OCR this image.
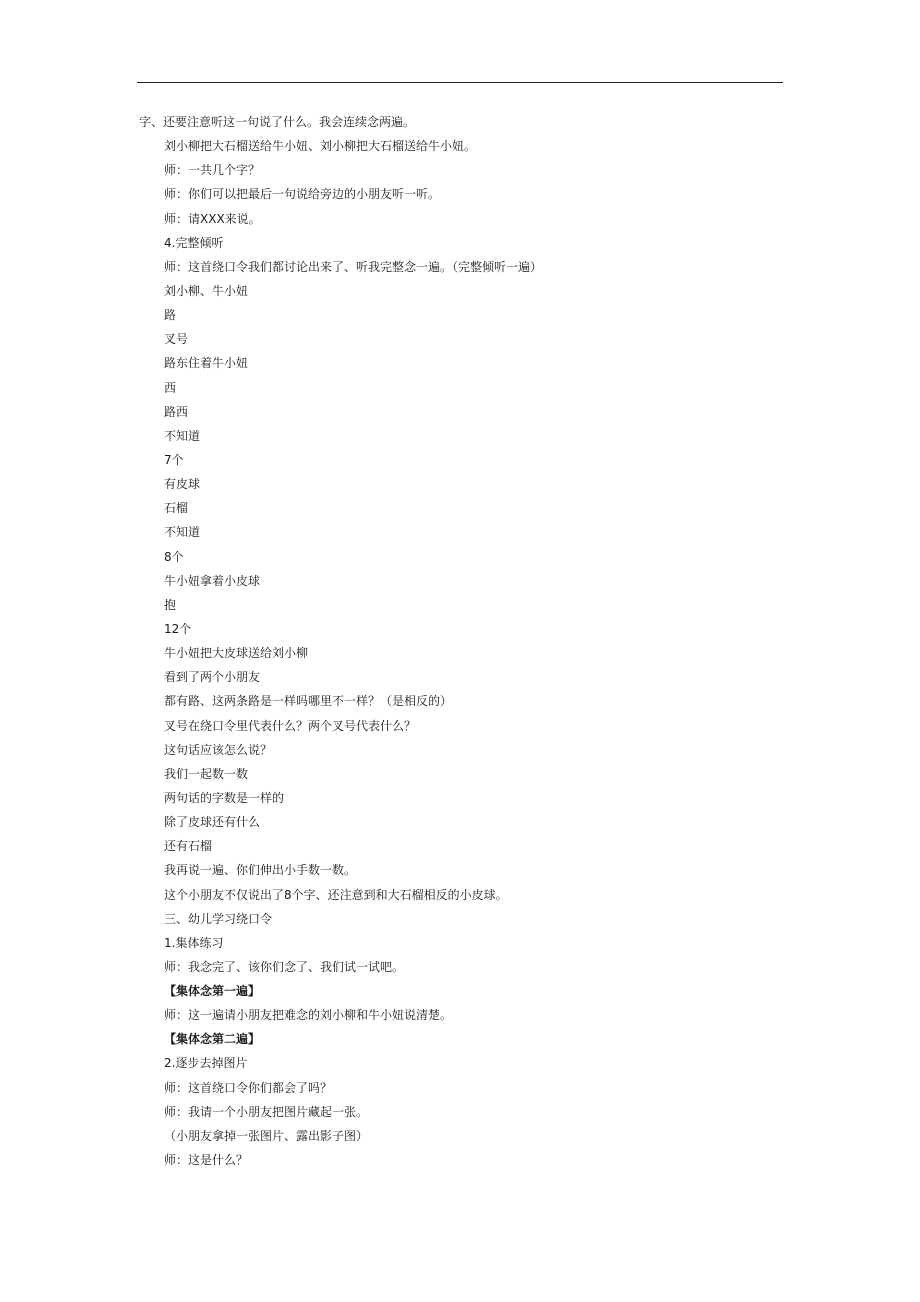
字、还要注意听这一句说了什么。我会连续念两遍。
刘小柳把大石榴送给牛小妞、刘小柳把大石榴送给牛小妞。
师：一共几个字？
师：你们可以把最后一句说给旁边的小朋友听一听。
师：请XXX来说。
4.完整倾听
师：这首绕口令我们都讨论出来了、听我完整念一遍。（完整倾听一遍）
刘小柳、牛小妞
路
叉号
路东住着牛小妞
西
路西
不知道
7个
有皮球
石榴
不知道
8个
牛小妞拿着小皮球
抱
12个
牛小妞把大皮球送给刘小柳
看到了两个小朋友
都有路、这两条路是一样吗哪里不一样？（是相反的）
叉号在绕口令里代表什么？两个叉号代表什么？
这句话应该怎么说？
我们一起数一数
两句话的字数是一样的
除了皮球还有什么
还有石榴
我再说一遍、你们伸出小手数一数。
这个小朋友不仅说出了8个字、还注意到和大石榴相反的小皮球。
三、幼儿学习绕口令
1.集体练习
师：我念完了、该你们念了、我们试一试吧。
【集体念第一遍】
师：这一遍请小朋友把难念的刘小柳和牛小妞说清楚。
【集体念第二遍】
2.逐步去掉图片
师：这首绕口令你们都会了吗？
师：我请一个小朋友把图片藏起一张。
（小朋友拿掉一张图片、露出影子图）
师：这是什么？
